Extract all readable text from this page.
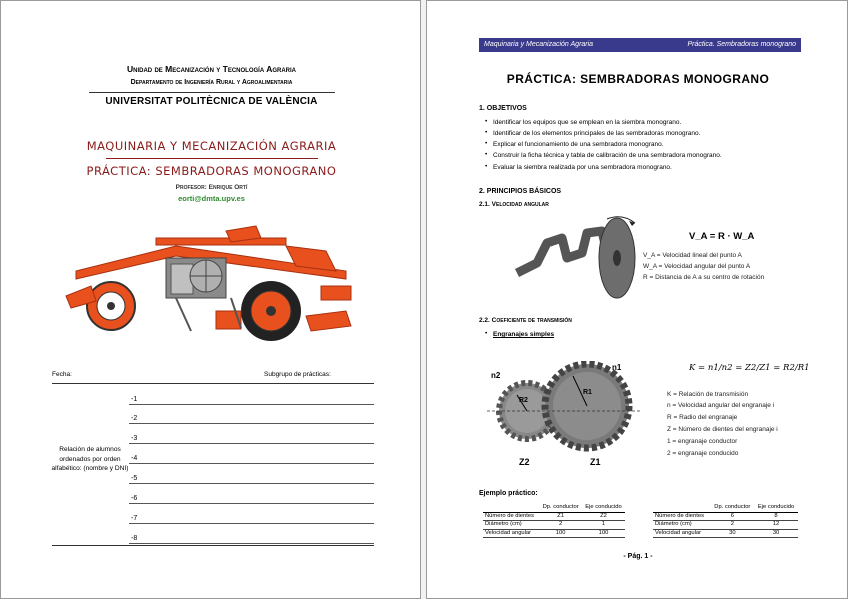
Unidad de Mecanización y Tecnología Agraria
Departamento de Ingeniería Rural y Agroalimentaria
UNIVERSITAT POLITÈCNICA DE VALÈNCIA
MAQUINARIA Y MECANIZACIÓN AGRARIA
PRÁCTICA: SEMBRADORAS MONOGRANO
Profesor: Enrique Ortí
eorti@dmta.upv.es
Fecha:	Subgrupo de prácticas:
-1
-2
-3
-4
-5
-6
-7
-8
Relación de alumnos ordenados por orden alfabético: (nombre y DNI)
Maquinaria y Mecanización Agraria	Práctica. Sembradoras monograno
PRÁCTICA: SEMBRADORAS MONOGRANO
1. OBJETIVOS
• Identificar los equipos que se emplean en la siembra monograno.
• Identificar de los elementos principales de las sembradoras monograno.
• Explicar el funcionamiento de una sembradora monograno.
• Construir la ficha técnica y tabla de calibración de una sembradora monograno.
• Evaluar la siembra realizada por una sembradora monograno.
2. PRINCIPIOS BÁSICOS
2.1. Velocidad angular
V_A = R · W_A
V_A = Velocidad lineal del punto A
W_A = Velocidad angular del punto A
R = Distancia de A a su centro de rotación
2.2. Coeficiente de transmisión
• Engranajes simples
n2
n1
R2
R1
Z2	Z1
K = n1/n2 = Z2/Z1 = R2/R1
K = Relación de transmisión
n = Velocidad angular del engranaje i
R = Radio del engranaje
Z = Número de dientes del engranaje i
1 = engranaje conductor
2 = engranaje conducido
Ejemplo práctico:
	Dp. conductor	Eje conducido
Número de dientes	Z1	Z2
Diámetro (cm)	2	1
Velocidad angular	100	100
	Dp. conductor	Eje conducido
Número de dientes	6	8
Diámetro (cm)	2	12
Velocidad angular	30	30
- Pág. 1 -
